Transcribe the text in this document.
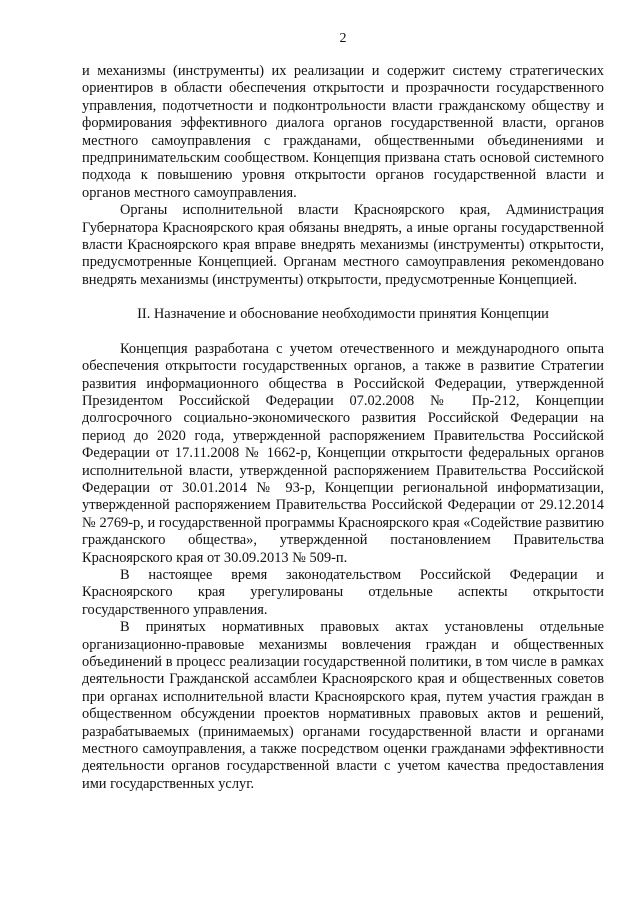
2

и механизмы (инструменты) их реализации и содержит систему стратегических ориентиров в области обеспечения открытости и прозрачности государственного управления, подотчетности и подконтрольности власти гражданскому обществу и формирования эффективного диалога органов государственной власти, органов местного самоуправления с гражданами, общественными объединениями и предпринимательским сообществом. Концепция призвана стать основой системного подхода к повышению уровня открытости органов государственной власти и органов местного самоуправления.

Органы исполнительной власти Красноярского края, Администрация Губернатора Красноярского края обязаны внедрять, а иные органы государственной власти Красноярского края вправе внедрять механизмы (инструменты) открытости, предусмотренные Концепцией. Органам местного самоуправления рекомендовано внедрять механизмы (инструменты) открытости, предусмотренные Концепцией.

II. Назначение и обоснование необходимости принятия Концепции

Концепция разработана с учетом отечественного и международного опыта обеспечения открытости государственных органов, а также в развитие Стратегии развития информационного общества в Российской Федерации, утвержденной Президентом Российской Федерации 07.02.2008 № Пр-212, Концепции долгосрочного социально-экономического развития Российской Федерации на период до 2020 года, утвержденной распоряжением Правительства Российской Федерации от 17.11.2008 № 1662-р, Концепции открытости федеральных органов исполнительной власти, утвержденной распоряжением Правительства Российской Федерации от 30.01.2014 № 93-р, Концепции региональной информатизации, утвержденной распоряжением Правительства Российской Федерации от 29.12.2014 № 2769-р, и государственной программы Красноярского края «Содействие развитию гражданского общества», утвержденной постановлением Правительства Красноярского края от 30.09.2013 № 509-п.

В настоящее время законодательством Российской Федерации и Красноярского края урегулированы отдельные аспекты открытости государственного управления.

В принятых нормативных правовых актах установлены отдельные организационно-правовые механизмы вовлечения граждан и общественных объединений в процесс реализации государственной политики, в том числе в рамках деятельности Гражданской ассамблеи Красноярского края и общественных советов при органах исполнительной власти Красноярского края, путем участия граждан в общественном обсуждении проектов нормативных правовых актов и решений, разрабатываемых (принимаемых) органами государственной власти и органами местного самоуправления, а также посредством оценки гражданами эффективности деятельности органов государственной власти с учетом качества предоставления ими государственных услуг.
